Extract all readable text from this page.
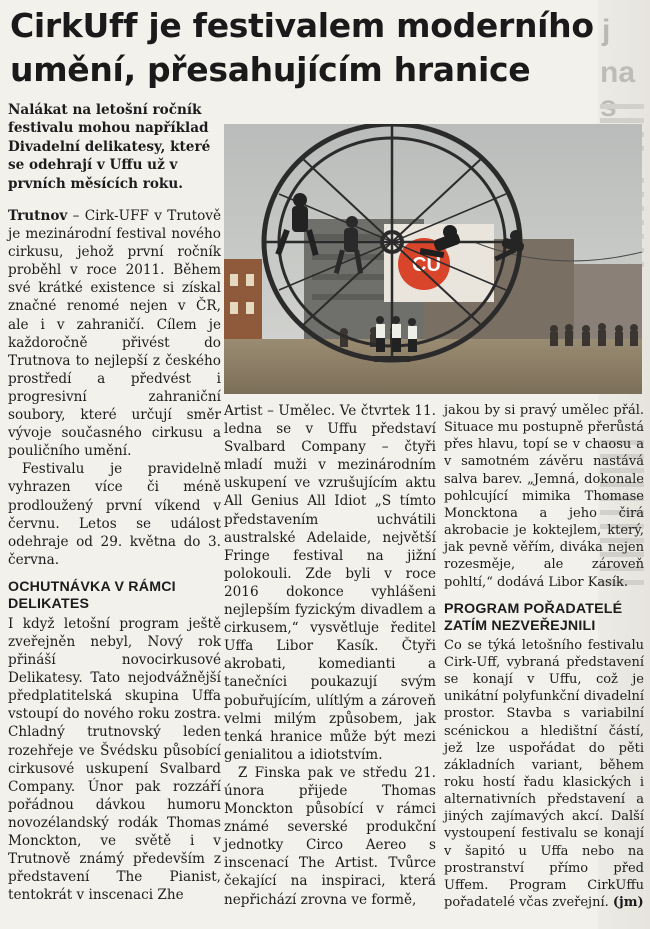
j
na
CirkUff je festivalem moderního umění, přesahujícím hranice

Nalákat na letošní ročník festivalu mohou například Divadelní delikatesy, které se odehrají v Uffu už v prvních měsících roku.

CU

Trutnov – Cirk-UFF v Trutově je mezinárodní festival nového cirkusu, jehož první ročník proběhl v roce 2011. Během své krátké existence si získal značné renomé nejen v ČR, ale i v zahraničí. Cílem je každoročně přivést do Trutnova to nejlepší z českého prostředí a předvést i progresivní zahraniční soubory, které určují směr vývoje současného cirkusu a pouličního umění.

Festivalu je pravidelně vyhrazen více či méně prodloužený první víkend v červnu. Letos se událost odehraje od 29. května do 3. června.

OCHUTNÁVKA V RÁMCI DELIKATES

I když letošní program ještě zveřejněn nebyl, Nový rok přináší novocirkusové Delikatesy. Tato nejodvážnější předplatitelská skupina Uffa vstoupí do nového roku zostra. Chladný trutnovský leden rozehřeje ve Švédsku působící cirkusové uskupení Svalbard Company. Únor pak rozzáří pořádnou dávkou humoru novozélandský rodák Thomas Monckton, ve světě i v Trutnově známý především z představení The Pianist, tentokrát v inscenaci Zhe

Artist – Umělec. Ve čtvrtek 11. ledna se v Uffu představí Svalbard Company – čtyři mladí muži v mezinárodním uskupení ve vzrušujícím aktu All Genius All Idiot „S tímto představením uchvátili australské Adelaide, největší Fringe festival na jižní polokouli. Zde byli v roce 2016 dokonce vyhlášeni nejlepším fyzickým divadlem a cirkusem,“ vysvětluje ředitel Uffa Libor Kasík. Čtyři akrobati, komedianti a tanečníci poukazují svým pobuřujícím, ulítlým a zároveň velmi milým způsobem, jak tenká hranice může být mezi genialitou a idiotstvím.

Z Finska pak ve středu 21. února přijede Thomas Monckton působící v rámci známé severské produkční jednotky Circo Aereo s inscenací The Artist. Tvůrce čekající na inspiraci, která nepřichází zrovna ve formě,

jakou by si pravý umělec přál. Situace mu postupně přerůstá přes hlavu, topí se v chaosu a v samotném závěru nastává salva barev. „Jemná, dokonale pohlcující mimika Thomase Moncktona a jeho čirá akrobacie je koktejlem, který, jak pevně věřím, diváka nejen rozesměje, ale zároveň pohltí,“ dodává Libor Kasík.

PROGRAM POŘADATELÉ ZATÍM NEZVEŘEJNILI

Co se týká letošního festivalu Cirk-Uff, vybraná představení se konají v Uffu, což je unikátní polyfunkční divadelní prostor. Stavba s variabilní scénickou a hledištní částí, jež lze uspořádat do pěti základních variant, během roku hostí řadu klasických i alternativních představení a jiných zajímavých akcí. Další vystoupení festivalu se konají v šapitó u Uffa nebo na prostranství přímo před Uffem. Program CirkUffu pořadatelé včas zveřejní. (jm)
